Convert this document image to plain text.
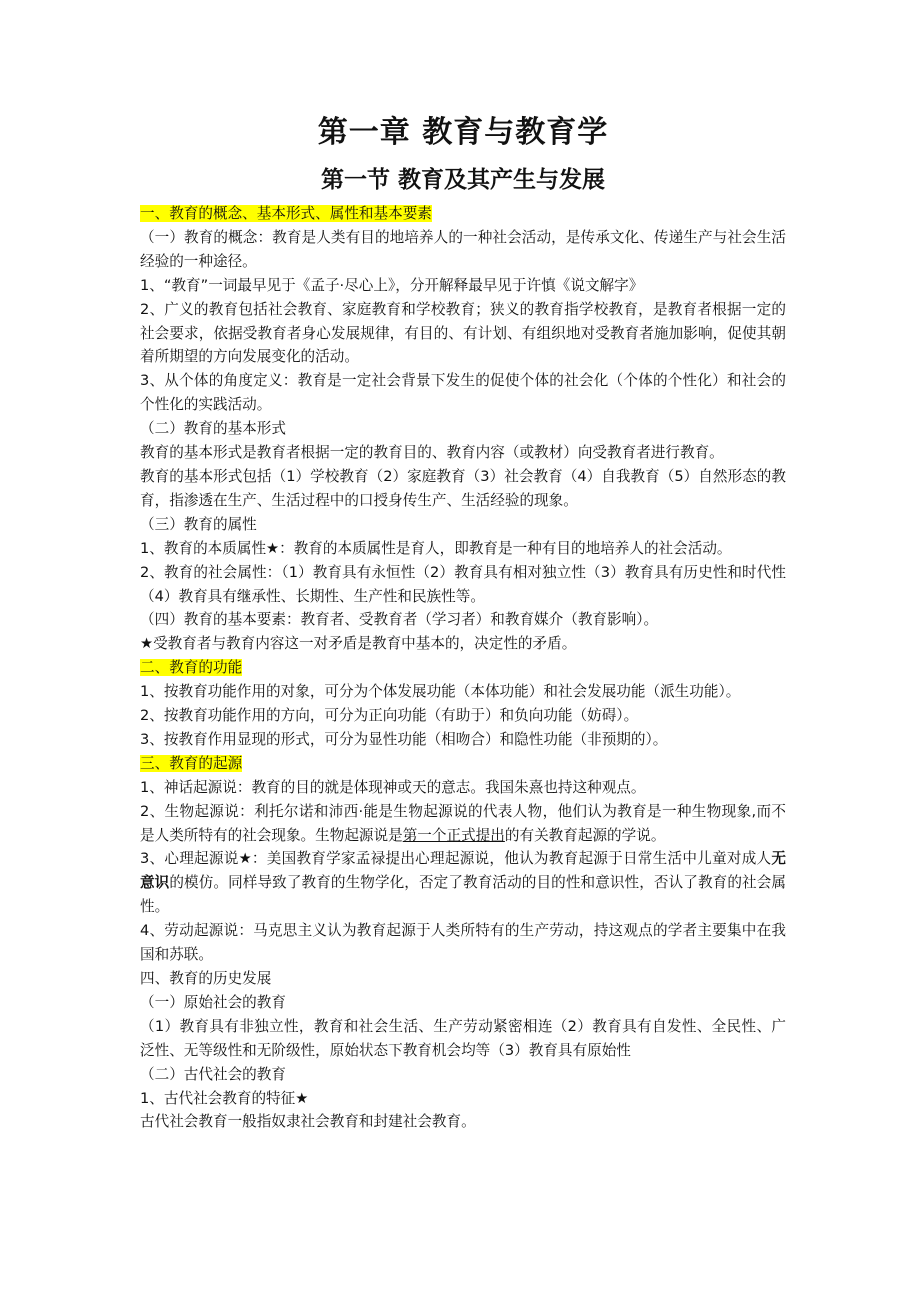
第一章 教育与教育学
第一节 教育及其产生与发展

一、教育的概念、基本形式、属性和基本要素

（一）教育的概念：教育是人类有目的地培养人的一种社会活动，是传承文化、传递生产与社会生活经验的一种途径。

1、“教育”一词最早见于《孟子·尽心上》，分开解释最早见于许慎《说文解字》

2、广义的教育包括社会教育、家庭教育和学校教育；狭义的教育指学校教育，是教育者根据一定的社会要求，依据受教育者身心发展规律，有目的、有计划、有组织地对受教育者施加影响，促使其朝着所期望的方向发展变化的活动。

3、从个体的角度定义：教育是一定社会背景下发生的促使个体的社会化（个体的个性化）和社会的个性化的实践活动。

（二）教育的基本形式

教育的基本形式是教育者根据一定的教育目的、教育内容（或教材）向受教育者进行教育。

教育的基本形式包括（1）学校教育（2）家庭教育（3）社会教育（4）自我教育（5）自然形态的教育，指渗透在生产、生活过程中的口授身传生产、生活经验的现象。

（三）教育的属性

1、教育的本质属性★：教育的本质属性是育人，即教育是一种有目的地培养人的社会活动。

2、教育的社会属性：（1）教育具有永恒性（2）教育具有相对独立性（3）教育具有历史性和时代性（4）教育具有继承性、长期性、生产性和民族性等。

（四）教育的基本要素：教育者、受教育者（学习者）和教育媒介（教育影响）。

★受教育者与教育内容这一对矛盾是教育中基本的，决定性的矛盾。

二、教育的功能

1、按教育功能作用的对象，可分为个体发展功能（本体功能）和社会发展功能（派生功能）。

2、按教育功能作用的方向，可分为正向功能（有助于）和负向功能（妨碍）。

3、按教育作用显现的形式，可分为显性功能（相吻合）和隐性功能（非预期的）。

三、教育的起源

1、神话起源说：教育的目的就是体现神或天的意志。我国朱熹也持这种观点。

2、生物起源说：利托尔诺和沛西·能是生物起源说的代表人物，他们认为教育是一种生物现象,而不是人类所特有的社会现象。生物起源说是第一个正式提出的有关教育起源的学说。

3、心理起源说★：美国教育学家孟禄提出心理起源说，他认为教育起源于日常生活中儿童对成人无意识的模仿。同样导致了教育的生物学化，否定了教育活动的目的性和意识性，否认了教育的社会属性。

4、劳动起源说：马克思主义认为教育起源于人类所特有的生产劳动，持这观点的学者主要集中在我国和苏联。

四、教育的历史发展

（一）原始社会的教育

（1）教育具有非独立性，教育和社会生活、生产劳动紧密相连（2）教育具有自发性、全民性、广泛性、无等级性和无阶级性，原始状态下教育机会均等（3）教育具有原始性

（二）古代社会的教育

1、古代社会教育的特征★

古代社会教育一般指奴隶社会教育和封建社会教育。
